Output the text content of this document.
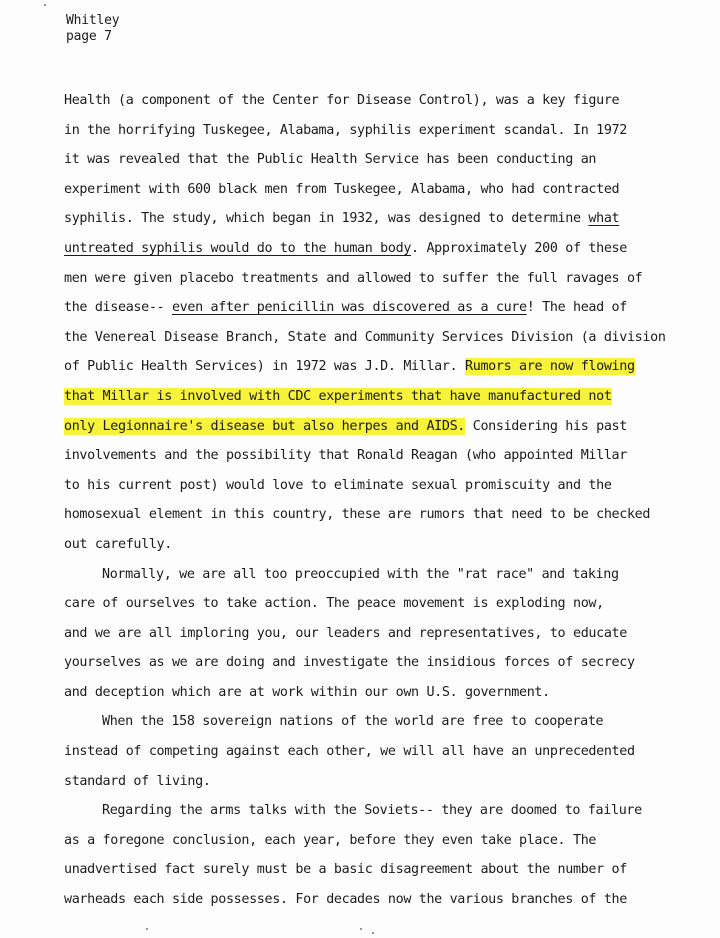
Whitley
page 7
Health (a component of the Center for Disease Control), was a key figure
in the horrifying Tuskegee, Alabama, syphilis experiment scandal. In 1972
it was revealed that the Public Health Service has been conducting an
experiment with 600 black men from Tuskegee, Alabama, who had contracted
syphilis. The study, which began in 1932, was designed to determine what
untreated syphilis would do to the human body. Approximately 200 of these
men were given placebo treatments and allowed to suffer the full ravages of
the disease-- even after penicillin was discovered as a cure! The head of
the Venereal Disease Branch, State and Community Services Division (a division
of Public Health Services) in 1972 was J.D. Millar. Rumors are now flowing
that Millar is involved with CDC experiments that have manufactured not
only Legionnaire's disease but also herpes and AIDS. Considering his past
involvements and the possibility that Ronald Reagan (who appointed Millar
to his current post) would love to eliminate sexual promiscuity and the
homosexual element in this country, these are rumors that need to be checked
out carefully.
Normally, we are all too preoccupied with the "rat race" and taking
care of ourselves to take action. The peace movement is exploding now,
and we are all imploring you, our leaders and representatives, to educate
yourselves as we are doing and investigate the insidious forces of secrecy
and deception which are at work within our own U.S. government.
When the 158 sovereign nations of the world are free to cooperate
instead of competing against each other, we will all have an unprecedented
standard of living.
Regarding the arms talks with the Soviets-- they are doomed to failure
as a foregone conclusion, each year, before they even take place. The
unadvertised fact surely must be a basic disagreement about the number of
warheads each side possesses. For decades now the various branches of the
